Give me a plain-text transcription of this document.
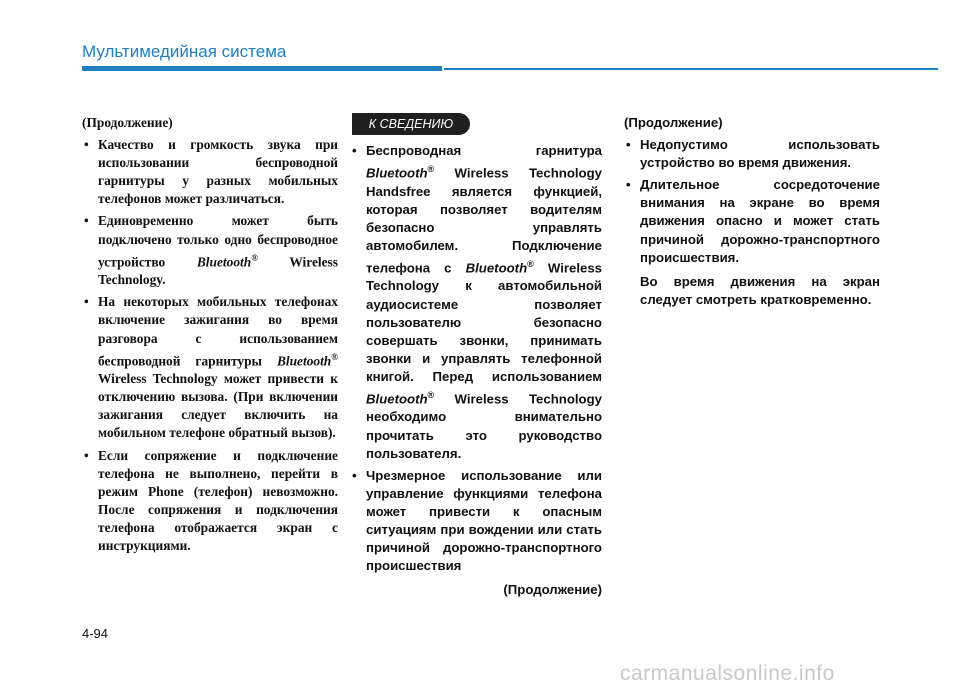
Мультимедийная система
(Продолжение)
• Качество и громкость звука при использовании беспроводной гарнитуры у разных мобильных телефонов может различаться.
• Единовременно может быть подключено только одно беспроводное устройство Bluetooth® Wireless Technology.
• На некоторых мобильных телефонах включение зажигания во время разговора с использованием беспроводной гарнитуры Bluetooth® Wireless Technology может привести к отключению вызова. (При включении зажигания следует включить на мобильном телефоне обратный вызов).
• Если сопряжение и подключение телефона не выполнено, перейти в режим Phone (телефон) невозможно. После сопряжения и подключения телефона отображается экран с инструкциями.
К СВЕДЕНИЮ
• Беспроводная гарнитура Bluetooth® Wireless Technology Handsfree является функцией, которая позволяет водителям безопасно управлять автомобилем. Подключение телефона с Bluetooth® Wireless Technology к автомобильной аудиосистеме позволяет пользователю безопасно совершать звонки, принимать звонки и управлять телефонной книгой. Перед использованием Bluetooth® Wireless Technology необходимо внимательно прочитать это руководство пользователя.
• Чрезмерное использование или управление функциями телефона может привести к опасным ситуациям при вождении или стать причиной дорожно-транспортного происшествия
(Продолжение)
(Продолжение)
• Недопустимо использовать устройство во время движения.
• Длительное сосредоточение внимания на экране во время движения опасно и может стать причиной дорожно-транспортного происшествия.
Во время движения на экран следует смотреть кратковременно.
4-94
carmanualsonline.info
